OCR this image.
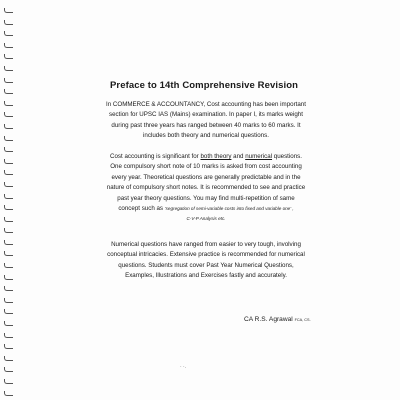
Preface to 14th Comprehensive Revision

In COMMERCE & ACCOUNTANCY, Cost accounting has been important
section for UPSC IAS (Mains) examination. In paper I, its marks weight
during past three years has ranged between 40 marks to 60 marks. It
includes both theory and numerical questions.

Cost accounting is significant for both theory and numerical questions.
One compulsory short note of 10 marks is asked from cost accounting
every year. Theoretical questions are generally predictable and in the
nature of compulsory short notes. It is recommended to see and practice
past year theory questions. You may find multi-repetition of same
concept such as 'segregation of semi-variable costs into fixed and variable one' ,
C-V-P Analysis etc.

Numerical questions have ranged from easier to very tough, involving
conceptual intricacies. Extensive practice is recommended for numerical
questions. Students must cover Past Year Numerical Questions,
Examples, Illustrations and Exercises fastly and accurately.

CA R.S. Agrawal FCA, CS.
· ·.
